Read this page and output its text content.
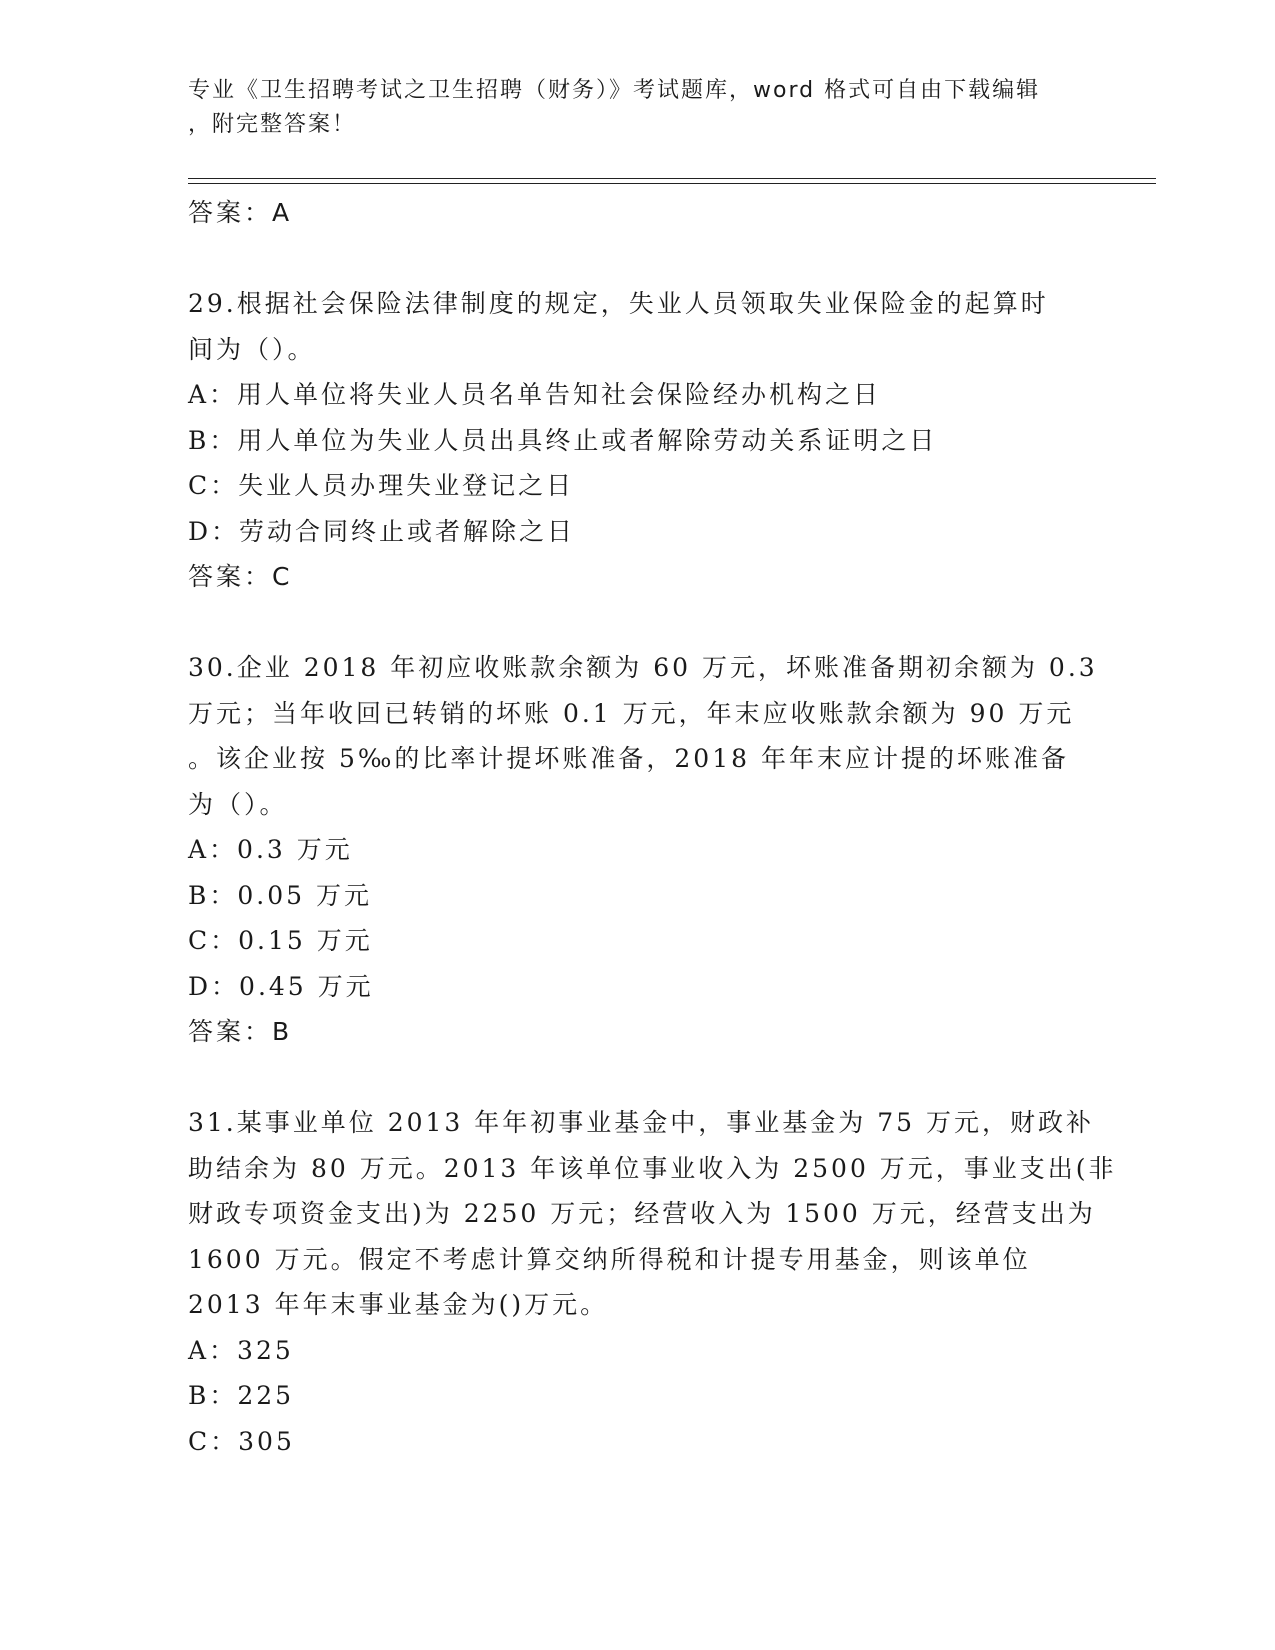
专业《卫生招聘考试之卫生招聘（财务）》考试题库，word 格式可自由下载编辑
，附完整答案！
答案：A
29.根据社会保险法律制度的规定，失业人员领取失业保险金的起算时
间为（）。
A：用人单位将失业人员名单告知社会保险经办机构之日
B：用人单位为失业人员出具终止或者解除劳动关系证明之日
C：失业人员办理失业登记之日
D：劳动合同终止或者解除之日
答案：C
30.企业 2018 年初应收账款余额为 60 万元，坏账准备期初余额为 0.3
万元；当年收回已转销的坏账 0.1 万元，年末应收账款余额为 90 万元
。该企业按 5‰的比率计提坏账准备，2018 年年末应计提的坏账准备
为（）。
A：0.3 万元
B：0.05 万元
C：0.15 万元
D：0.45 万元
答案：B
31.某事业单位 2013 年年初事业基金中，事业基金为 75 万元，财政补
助结余为 80 万元。2013 年该单位事业收入为 2500 万元，事业支出(非
财政专项资金支出)为 2250 万元；经营收入为 1500 万元，经营支出为
1600 万元。假定不考虑计算交纳所得税和计提专用基金，则该单位
2013 年年末事业基金为()万元。
A：325
B：225
C：305
